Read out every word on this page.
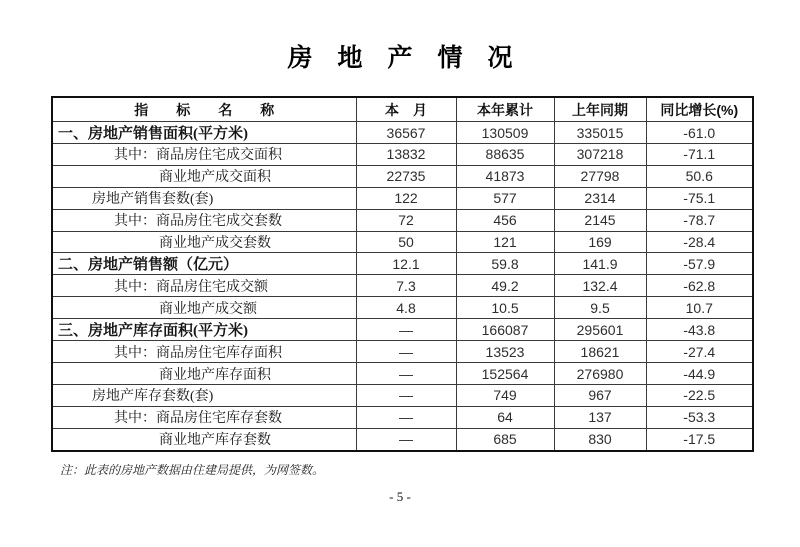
房　地　产　情　况
指　　标　　名　　称	本　月	本年累计	上年同期	同比增长(%)
一、房地产销售面积(平方米)	36567	130509	335015	-61.0
其中：商品房住宅成交面积	13832	88635	307218	-71.1
商业地产成交面积	22735	41873	27798	50.6
房地产销售套数(套)	122	577	2314	-75.1
其中：商品房住宅成交套数	72	456	2145	-78.7
商业地产成交套数	50	121	169	-28.4
二、房地产销售额（亿元）	12.1	59.8	141.9	-57.9
其中：商品房住宅成交额	7.3	49.2	132.4	-62.8
商业地产成交额	4.8	10.5	9.5	10.7
三、房地产库存面积(平方米)	—	166087	295601	-43.8
其中：商品房住宅库存面积	—	13523	18621	-27.4
商业地产库存面积	—	152564	276980	-44.9
房地产库存套数(套)	—	749	967	-22.5
其中：商品房住宅库存套数	—	64	137	-53.3
商业地产库存套数	—	685	830	-17.5
注：此表的房地产数据由住建局提供，为网签数。
- 5 -
